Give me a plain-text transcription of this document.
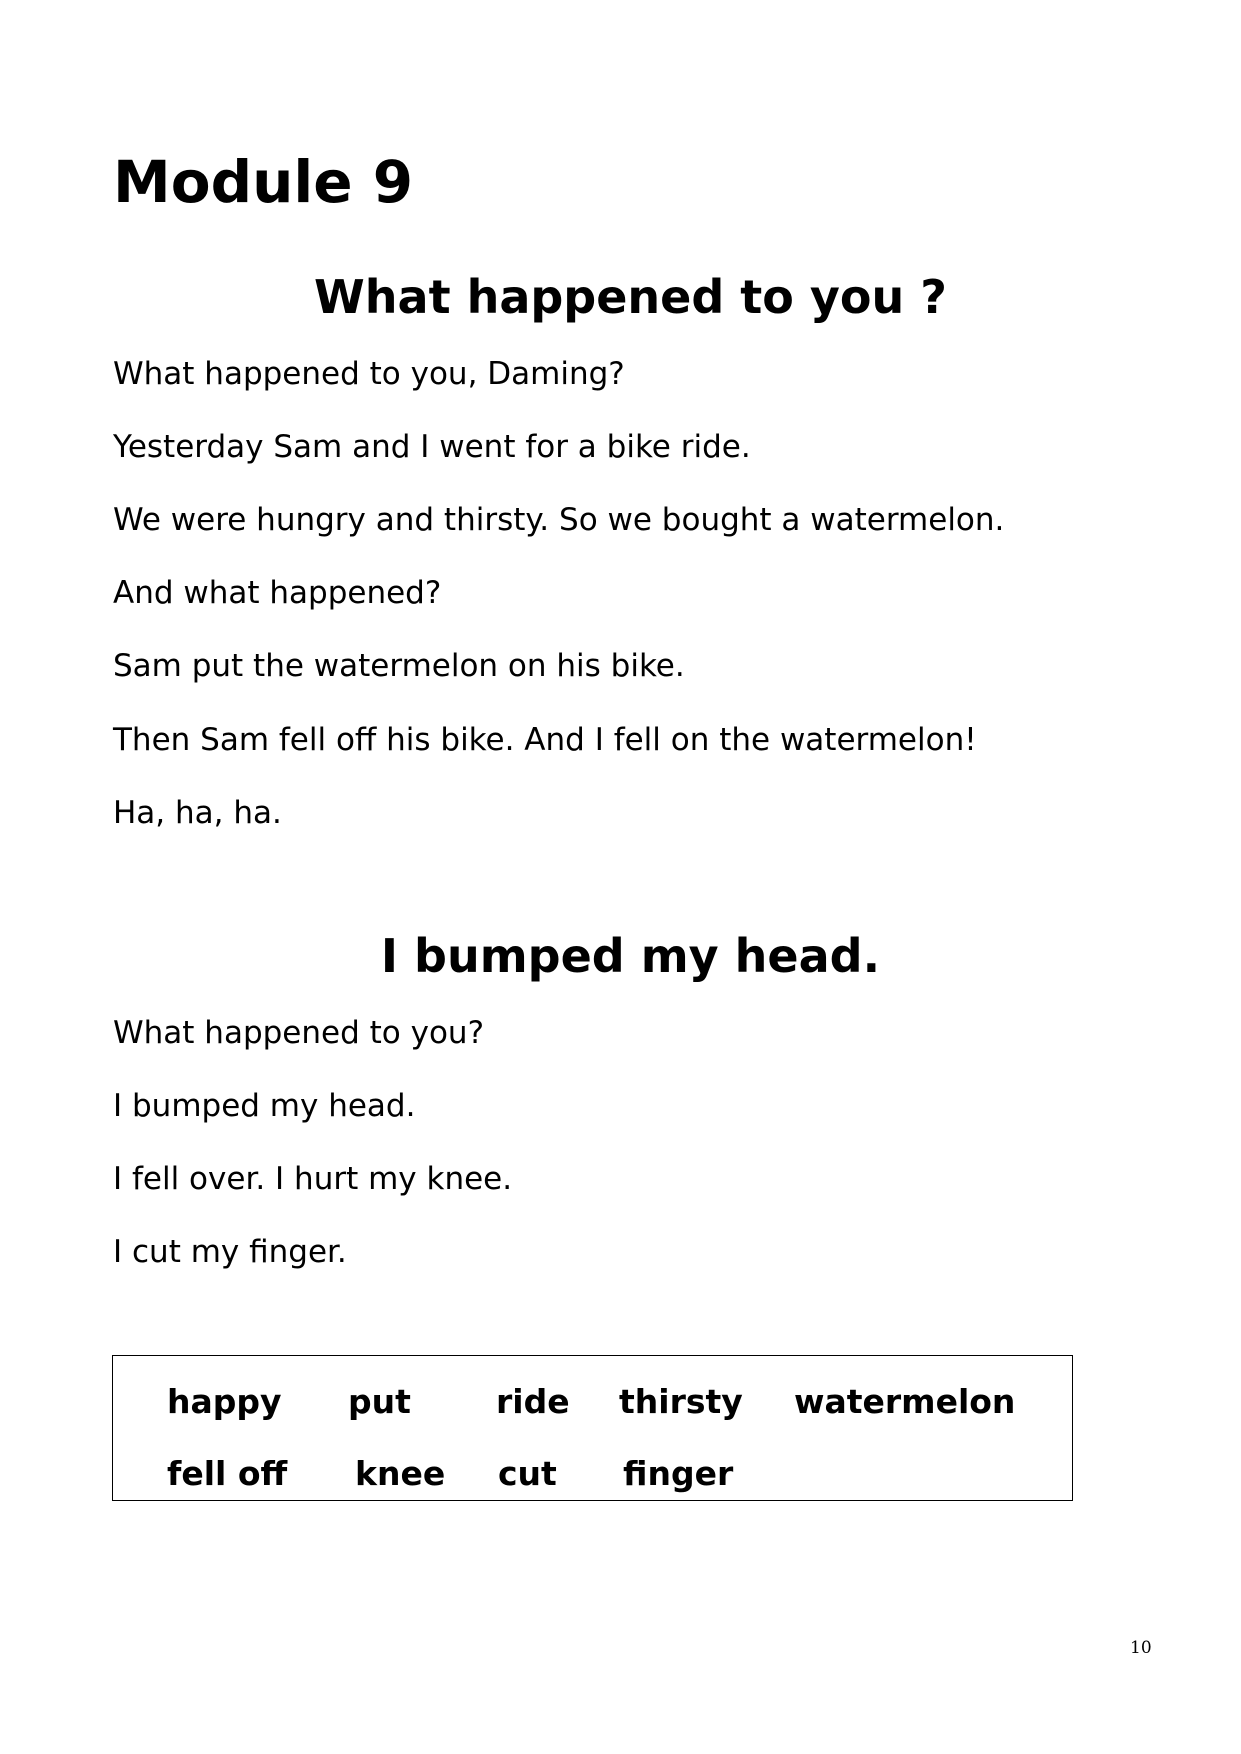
Module 9
What happened to you ?

What happened to you, Daming?

Yesterday Sam and I went for a bike ride.

We were hungry and thirsty. So we bought a watermelon.

And what happened?

Sam put the watermelon on his bike.

Then Sam fell off his bike. And I fell on the watermelon!

Ha, ha, ha.

I bumped my head.

What happened to you?

I bumped my head.

I fell over. I hurt my knee.

I cut my finger.

happy put	ride thirsty watermelon
fell off knee cut finger
10
